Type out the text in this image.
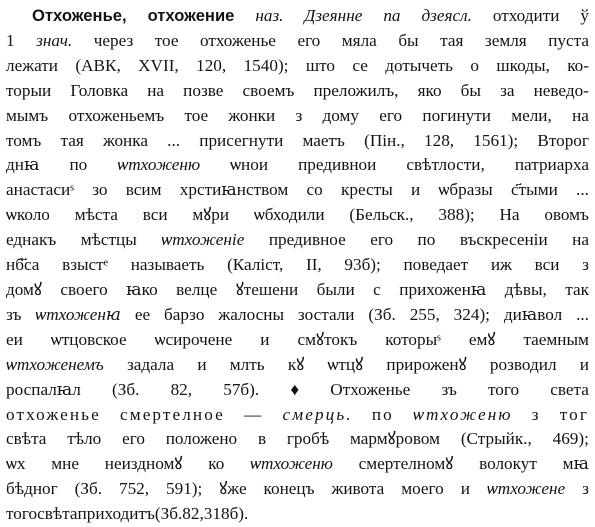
Отхоженье, отхожение наз. Дзеянне па дзеясл. отходити ў
1 знач. через тое отхоженье его мяла бы тая земля пуста
лежати (АВК, XVII, 120, 1540); што се дотычеть о шкоды, ко-
торыи Головка на позве своемъ преложилъ, яко бы за неведо-
мымъ отхоженьемъ тое жонки з дому его погинути мели, на
томъ тая жонка ... присегнути маетъ (Пін., 128, 1561); Второг
днꙗ по ѡтхоженю ѡнои предивнои свѣтлости, патриарха
анастасиˢ зо всим хрстиꙗнством со кресты и ѡбразы с҃тыми ...
ѡколо мѣста вси мꙋри ѡбходили (Бельск., 388); На овомъ
еднакъ мѣстцы ѡтхоженіе предивное его по въскресеніи на
нб҃са взыстᵉ называеть (Каліст, II, 93б); поведает иж вси з
домꙋ своего ꙗко велце ꙋтешени были с прихоженꙗ дѣвы, так
зъ ѡтхоженꙗ ее барзо жалосны зостали (Зб. 255, 324); диꙗвол ...
еи ѡтцовское ѡсирочене и смꙋтокъ которыˢ емꙋ таемным
ѡтхоженемъ задала и млть кꙋ ѡтцꙋ прироженꙋ розводил и
роспалꙗл (Зб. 82, 57б). ♦ Отхоженье зъ того света
отхоженье смертелное — смерць. по ѡтхоженю з тог
свѣта тѣло его положено в гробѣ мармꙋровом (Стрыйк., 469);
ѡх мне неиздномꙋ ко ѡтхоженю смертелномꙋ волокут мꙗ
бѣдног (Зб. 752, 591); ꙋже конецъ живота моего и ѡтхожене з
того свѣта приходитъ (Зб. 82, 318б).
